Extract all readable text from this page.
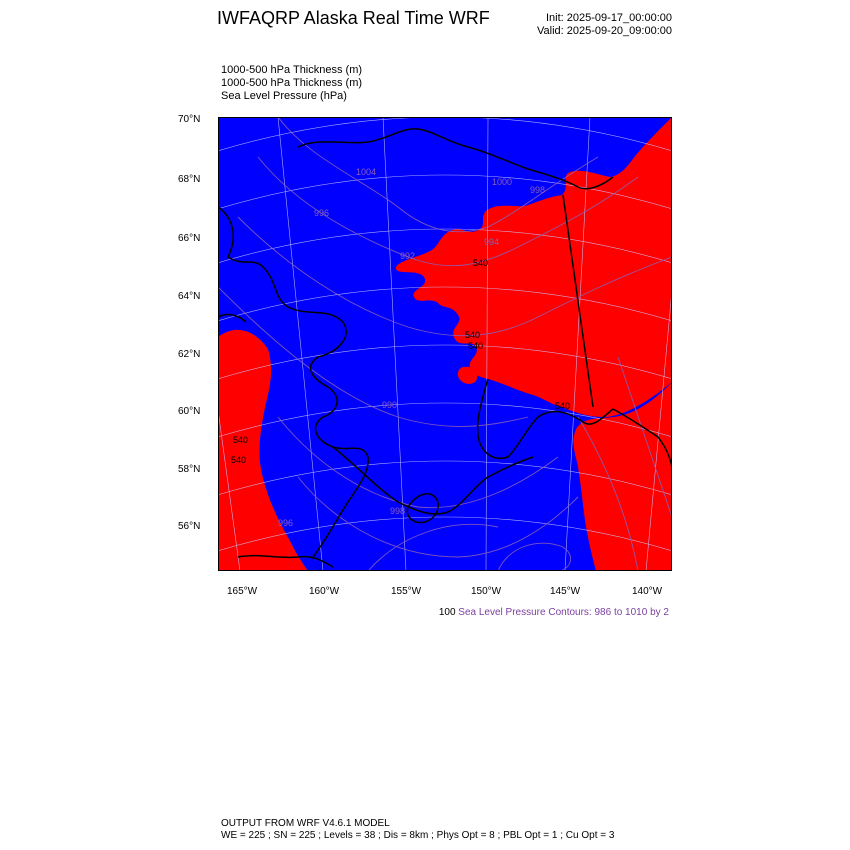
IWFAQRP Alaska Real Time WRF	Init: 2025-09-17_00:00:00
Valid: 2025-09-20_09:00:00
1000-500 hPa Thickness (m)
1000-500 hPa Thickness (m)
Sea Level Pressure (hPa)
70°N
68°N
66°N
64°N
62°N
60°N
58°N
56°N
165°W	160°W	155°W	150°W	145°W	140°W
1004
1000
998
996
994
992
990
998
996
540
540
540
540
540
540
100 Sea Level Pressure Contours: 986 to 1010 by 2
OUTPUT FROM WRF V4.6.1 MODEL
WE = 225 ; SN = 225 ; Levels = 38 ; Dis = 8km ; Phys Opt = 8 ; PBL Opt = 1 ; Cu Opt = 3
